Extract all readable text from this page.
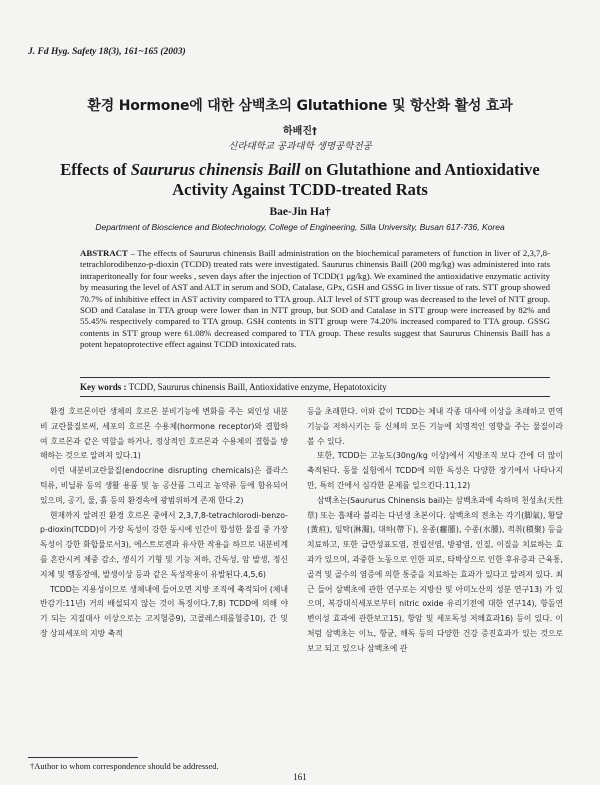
J. Fd Hyg. Safety 18(3), 161~165 (2003)
환경 Hormone에 대한 삼백초의 Glutathione 및 항산화 활성 효과
하배진†
신라대학교 공과대학 생명공학전공
Effects of Saururus chinensis Baill on Glutathione and Antioxidative Activity Against TCDD-treated Rats
Bae-Jin Ha†
Department of Bioscience and Biotechnology, College of Engineering, Silla University, Busan 617-736, Korea
ABSTRACT – The effects of Saururus chinensis Baill administration on the biochemical parameters of function in liver of 2,3,7,8-tetrachlorodibenzo-p-dioxin (TCDD) treated rats were investigated. Saururus chinensis Baill (200 mg/kg) was administered into rats intraperitoneally for four weeks , seven days after the injection of TCDD(1 μg/kg). We examined the antioxidative enzymatic activity by measuring the level of AST and ALT in serum and SOD, Catalase, GPx, GSH and GSSG in liver tissue of rats. STT group showed 70.7% of inhibitive effect in AST activity compared to TTA group. ALT level of STT group was decreased to the level of NTT group. SOD and Catalase in TTA group were lower than in NTT group, but SOD and Catalase in STT group were increased by 82% and 55.45% respectively compared to TTA group. GSH contents in STT group were 74.20% increased compared to TTA group. GSSG contents in STT group were 61.08% decreased compared to TTA group. These results suggest that Saururus Chinensis Baill has a potent hepatoprotective effect against TCDD intoxicated rats.
Key words : TCDD, Saururus chinensis Baill, Antioxidative enzyme, Hepatotoxicity

환경 호르몬이란 생체의 호르몬 분비기능에 변화를 주는 외인성 내분비 교란물질로써, 세포의 호르몬 수용체(hormone receptor)와 결합하여 호르몬과 같은 역할을 하거나, 정상적인 호르몬과 수용체의 결합을 방해하는 것으로 알려져 있다.1)

이런 내분비교란물질(endocrine disrupting chemicals)은 플라스틱류, 비닐류 등의 생활 용품 및 농 공산품 그리고 농약류 등에 함유되어 있으며, 공기, 물, 흙 등의 환경속에 광범위하게 존재 한다.2)

현재까지 알려진 환경 호르몬 중에서 2,3,7,8-tetrachlorodi-benzo-p-dioxin(TCDD)이 가장 독성이 강한 동시에 인간이 합성한 물질 중 가장 독성이 강한 화합물로서3), 에스트로겐과 유사한 작용을 하므로 내분비계를 혼란시켜 체중 감소, 생식기 기형 및 기능 저하, 간독성, 암 발생, 정신 지체 및 행동장애, 발생이상 등과 같은 독성작용이 유발된다.4,5,6)

TCDD는 지용성이므로 생체내에 들어오면 지방 조직에 축적되어 (체내 반감기:11년) 거의 배설되지 않는 것이 특징이다.7,8) TCDD에 의해 야기 되는 지질대사 이상으로는 고지혈증9), 고콜레스테롤혈증10), 간 및 장 상피세포의 지방 축적

등을 초래한다. 이와 같이 TCDD는 체내 각종 대사에 이상을 초래하고 면역기능을 저하시키는 등 신체의 모든 기능에 치명적인 영향을 주는 물질이라 볼 수 있다.

또한, TCDD는 고농도(30ng/kg 이상)에서 지방조직 보다 간에 더 많이 축적된다. 동물 실험에서 TCDD에 의한 독성은 다양한 장기에서 나타나지만, 특히 간에서 심각한 문제를 일으킨다.11,12)

삼백초는(Saururus Chinensis bail)는 삼백초과에 속하며 천성초(天性草) 또는 흡채라 불리는 다년생 초본이다. 삼백초의 전초는 각기(脚氣), 황달(黃疸), 임탁(淋濁), 대하(帶下), 옹종(癰腫), 수종(水腫), 적취(積聚) 등을 치료하고, 또한 급만성표도염, 전립선염, 방광염, 인질, 이질을 치료하는 효과가 있으며, 과중한 노동으로 인한 피로, 타박상으로 인한 후유증과 근육통, 골격 및 골수의 염증에 의한 통증을 치료하는 효과가 있다고 알려져 있다. 최근 들어 삼백초에 관한 연구로는 지방산 및 아미노산의 성분 연구13) 가 있으며, 복강대식세포로부터 nitric oxide 유리기전에 대한 연구14), 항돌연변이성 효과에 관한보고15), 항암 및 세포독성 저해효과16) 등이 있다. 이처럼 삼백초는 이뇨, 항균, 해독 등의 다양한 건강 증진효과가 있는 것으로 보고 되고 있으나 삼백초에 관

†Author to whom correspondence should be addressed.
161
